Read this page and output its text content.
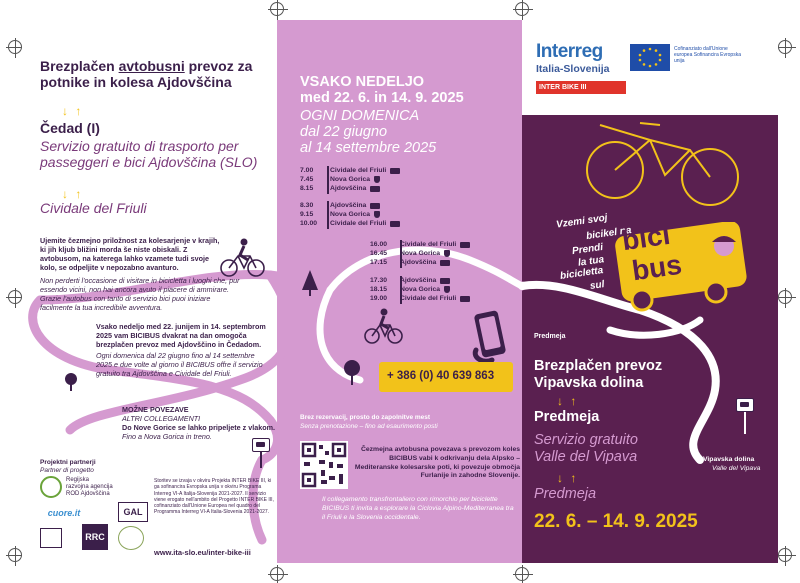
Brezplačen avtobusni prevoz za potnike in kolesa Ajdovščina
↓ ↑
Čedad (I)
Servizio gratuito di trasporto per passeggeri e bici Ajdovščina (SLO)
↓ ↑
Cividale del Friuli
Ujemite čezmejno priložnost za kolesarjenje v krajih, ki jih kljub bližini morda še niste obiskali. Z avtobusom, na katerega lahko vzamete tudi svoje kolo, se odpeljite v nepozabno avanturo.
Non perderti l'occasione di visitare in bicicletta i luoghi che, pur essendo vicini, non hai ancora avuto il piacere di ammirare. Grazie l'autobus con tanto di servizio bici puoi iniziare facilmente la tua incredibile avventura.
Vsako nedeljo med 22. junijem in 14. septembrom 2025 vam BICIBUS dvakrat na dan omogoča brezplačen prevoz med Ajdovščino in Čedadom.
Ogni domenica dal 22 giugno fino al 14 settembre 2025 e due volte al giorno il BICIBUS offre il servizio gratuito tra Ajdovščina e Cividale del Friuli.
MOŽNE POVEZAVE
ALTRI COLLEGAMENTI
Do Nove Gorice se lahko pripeljete z vlakom.
Fino a Nova Gorica in treno.
Projektni partnerji
Partner di progetto
Regijska
razvojna agencija
ROD Ajdovščina
cuore.it	GAL
RRC
Storitev se izvaja v okviru Projekta INTER BIKE III, ki ga sofinancira Evropska unija v okviru Programa Interreg VI-A Italija-Slovenija 2021-2027. Il servizio viene erogato nell'ambito del Progetto INTER BIKE III, cofinanziato dall'Unione Europea nel quadro del Programma Interreg VI-A Italia-Slovenia 2021-2027.
www.ita-slo.eu/inter-bike-iii
VSAKO NEDELJO
med 22. 6. in 14. 9. 2025
OGNI DOMENICA
dal 22 giugno
al 14 settembre 2025
7.00	Cividale del Friuli
7.45	Nova Gorica
8.15	Ajdovščina
8.30	Ajdovščina
9.15	Nova Gorica
10.00	Cividale del Friuli
16.00	Cividale del Friuli
16.45	Nova Gorica
17.15	Ajdovščina
17.30	Ajdovščina
18.15	Nova Gorica
19.00	Cividale del Friuli
+ 386 (0) 40 639 863
Brez rezervacij, prosto do zapolnitve mest
Senza prenotazione – fino ad esaurimento posti
Čezmejna avtobusna povezava s prevozom koles BICIBUS vabi k odkrivanju dela Alpsko – Mediteranske kolesarske poti, ki povezuje območja Furlanije in zahodne Slovenije.
Il collegamento transfrontaliero con rimorchio per biciclette BICIBUS ti invita a esplorare la Ciclovia Alpino-Mediterranea tra il Friuli e la Slovenia occidentale.
Interreg
Italia-Slovenija
Cofinanziato dall'Unione europea Sofinancira Evropska unija
INTER BIKE III
Vzemi svoj
bicikel na
Prendi
la tua
bicicletta
sul
bici
bus
Predmeja
Brezplačen prevoz
Vipavska dolina
↓ ↑
Predmeja
Servizio gratuito
Valle del Vipava
↓ ↑
Predmeja
22. 6. – 14. 9. 2025
Vipavska dolina
Valle del Vipava
